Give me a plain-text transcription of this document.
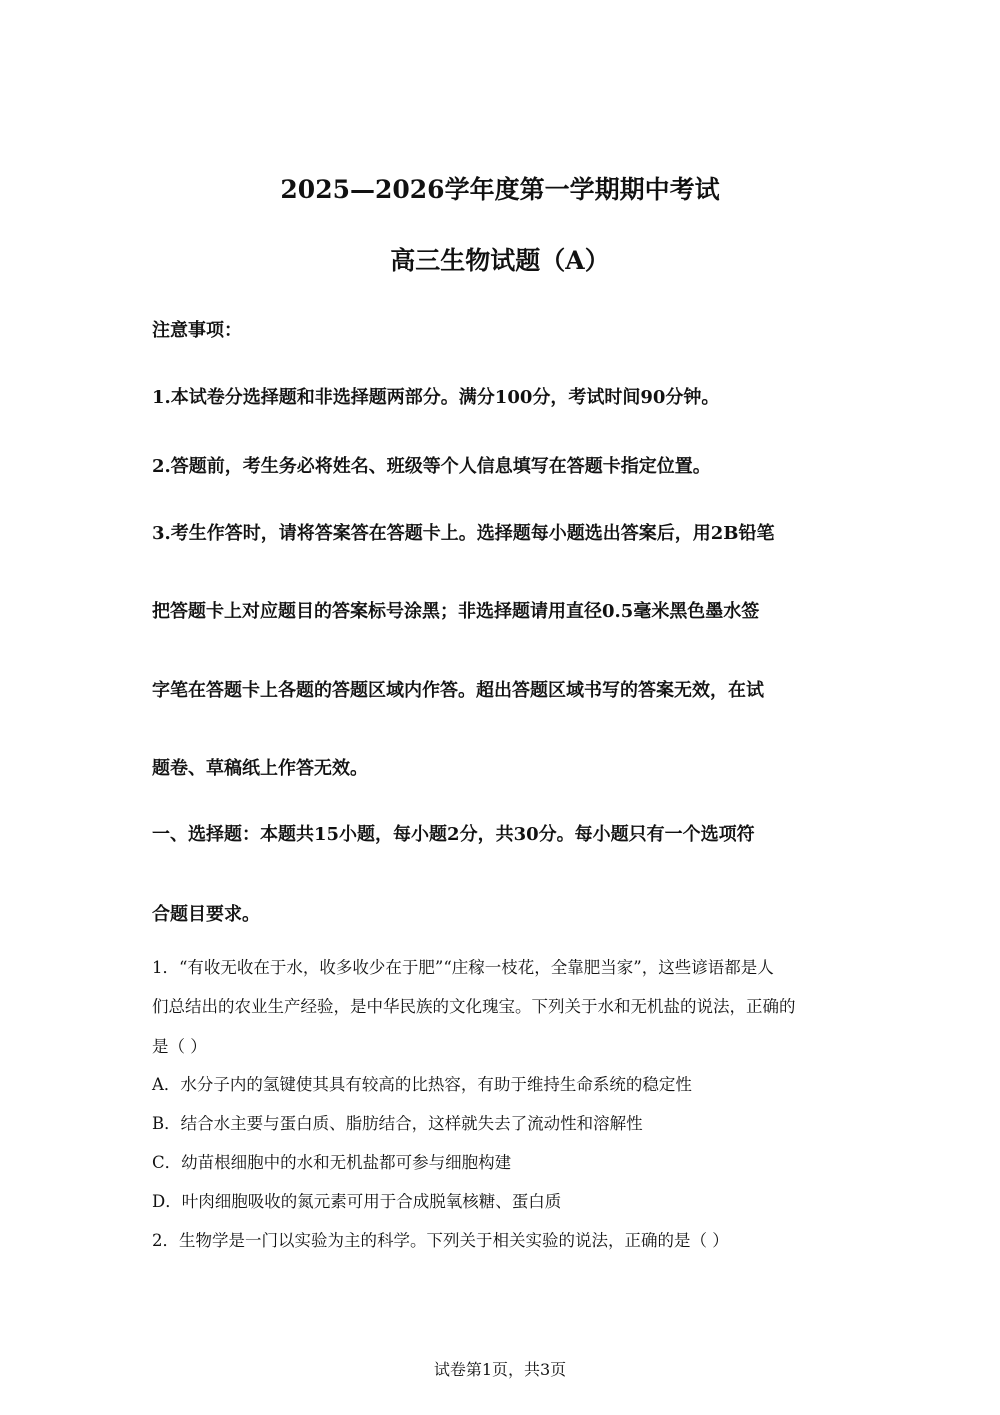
2025—2026学年度第一学期期中考试
高三生物试题（A）
注意事项：
1.本试卷分选择题和非选择题两部分。满分100分，考试时间90分钟。
2.答题前，考生务必将姓名、班级等个人信息填写在答题卡指定位置。
3.考生作答时，请将答案答在答题卡上。选择题每小题选出答案后，用2B铅笔
把答题卡上对应题目的答案标号涂黑；非选择题请用直径0.5毫米黑色墨水签
字笔在答题卡上各题的答题区域内作答。超出答题区域书写的答案无效，在试
题卷、草稿纸上作答无效。
一、选择题：本题共15小题，每小题2分，共30分。每小题只有一个选项符
合题目要求。
1．“有收无收在于水，收多收少在于肥”“庄稼一枝花，全靠肥当家”，这些谚语都是人
们总结出的农业生产经验，是中华民族的文化瑰宝。下列关于水和无机盐的说法，正确的
是（ ）
A．水分子内的氢键使其具有较高的比热容，有助于维持生命系统的稳定性
B．结合水主要与蛋白质、脂肪结合，这样就失去了流动性和溶解性
C．幼苗根细胞中的水和无机盐都可参与细胞构建
D．叶肉细胞吸收的氮元素可用于合成脱氧核糖、蛋白质
2．生物学是一门以实验为主的科学。下列关于相关实验的说法，正确的是（ ）
试卷第1页，共3页
